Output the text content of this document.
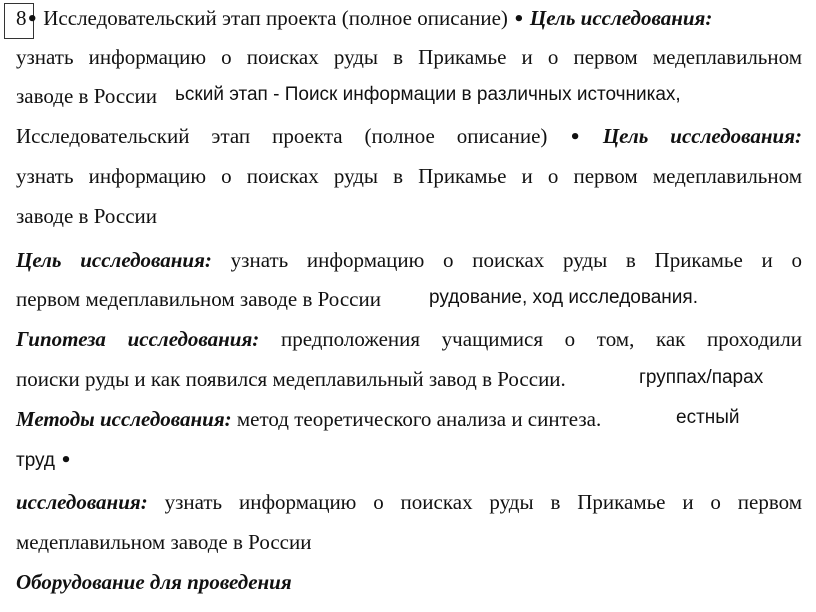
8• Исследовательский этап проекта (полное описание) • Цель исследования:
узнать информацию о поисках руды в Прикамье и о первом медеплавильном
заводе в России ьский этап - Поиск информации в различных источниках,
Исследовательский этап проекта (полное описание) • Цель исследования:
узнать информацию о поисках руды в Прикамье и о первом медеплавильном
заводе в России
Цель исследования: узнать информацию о поисках руды в Прикамье и о
первом медеплавильном заводе в России	рудование, ход исследования.
Гипотеза исследования: предположения учащимися о том, как проходили
поиски руды и как появился медеплавильный завод в России.	группах/парах
Методы исследования: метод теоретического анализа и синтеза.	естный
труд •
исследования: узнать информацию о поисках руды в Прикамье и о первом
медеплавильном заводе в России
Оборудование для проведения
